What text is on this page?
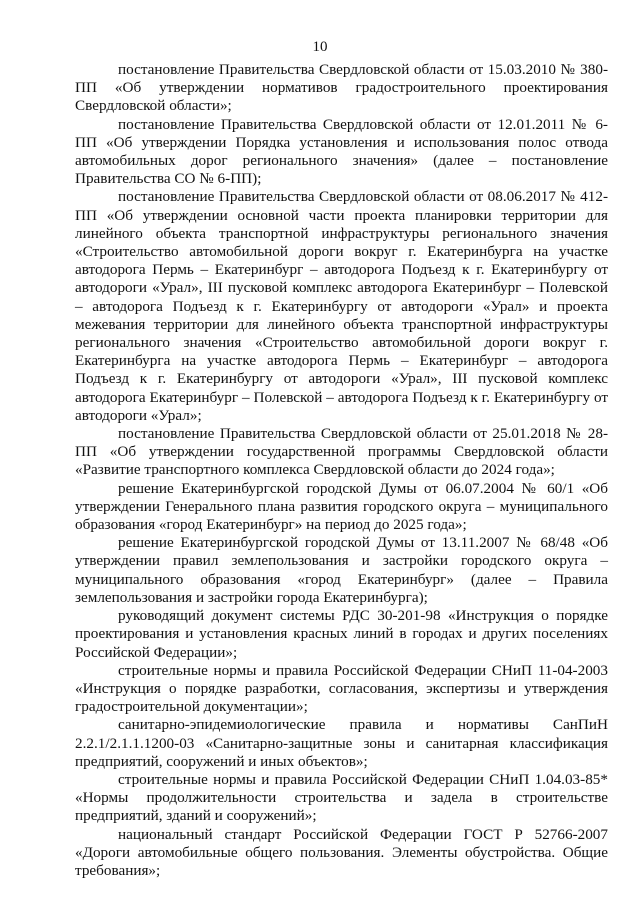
10

постановление Правительства Свердловской области от 15.03.2010 № 380-ПП «Об утверждении нормативов градостроительного проектирования Свердловской области»;

постановление Правительства Свердловской области от 12.01.2011 № 6- ПП «Об утверждении Порядка установления и использования полос отвода автомобильных дорог регионального значения» (далее – постановление Правительства СО № 6-ПП);

постановление Правительства Свердловской области от 08.06.2017 № 412- ПП «Об утверждении основной части проекта планировки территории для линейного объекта транспортной инфраструктуры регионального значения «Строительство автомобильной дороги вокруг г. Екатеринбурга на участке автодорога Пермь – Екатеринбург – автодорога Подъезд к г. Екатеринбургу от автодороги «Урал», III пусковой комплекс автодорога Екатеринбург – Полевской – автодорога Подъезд к г. Екатеринбургу от автодороги «Урал» и проекта межевания территории для линейного объекта транспортной инфраструктуры регионального значения «Строительство автомобильной дороги вокруг г. Екатеринбурга на участке автодорога Пермь – Екатеринбург – автодорога Подъезд к г. Екатеринбургу от автодороги «Урал», III пусковой комплекс автодорога Екатеринбург – Полевской – автодорога Подъезд к г. Екатеринбургу от автодороги «Урал»;

постановление Правительства Свердловской области от 25.01.2018 № 28- ПП «Об утверждении государственной программы Свердловской области «Развитие транспортного комплекса Свердловской области до 2024 года»;

решение Екатеринбургской городской Думы от 06.07.2004 № 60/1 «Об утверждении Генерального плана развития городского округа – муниципального образования «город Екатеринбург» на период до 2025 года»;

решение Екатеринбургской городской Думы от 13.11.2007 № 68/48 «Об утверждении правил землепользования и застройки городского округа – муниципального образования «город Екатеринбург» (далее – Правила землепользования и застройки города Екатеринбурга);

руководящий документ системы РДС 30-201-98 «Инструкция о порядке проектирования и установления красных линий в городах и других поселениях Российской Федерации»;

строительные нормы и правила Российской Федерации СНиП 11-04-2003 «Инструкция о порядке разработки, согласования, экспертизы и утверждения градостроительной документации»;

санитарно-эпидемиологические правила и нормативы СанПиН 2.2.1/2.1.1.1200-03 «Санитарно-защитные зоны и санитарная классификация предприятий, сооружений и иных объектов»;

строительные нормы и правила Российской Федерации СНиП 1.04.03-85* «Нормы продолжительности строительства и задела в строительстве предприятий, зданий и сооружений»;

национальный стандарт Российской Федерации ГОСТ Р 52766-2007 «Дороги автомобильные общего пользования. Элементы обустройства. Общие требования»;
